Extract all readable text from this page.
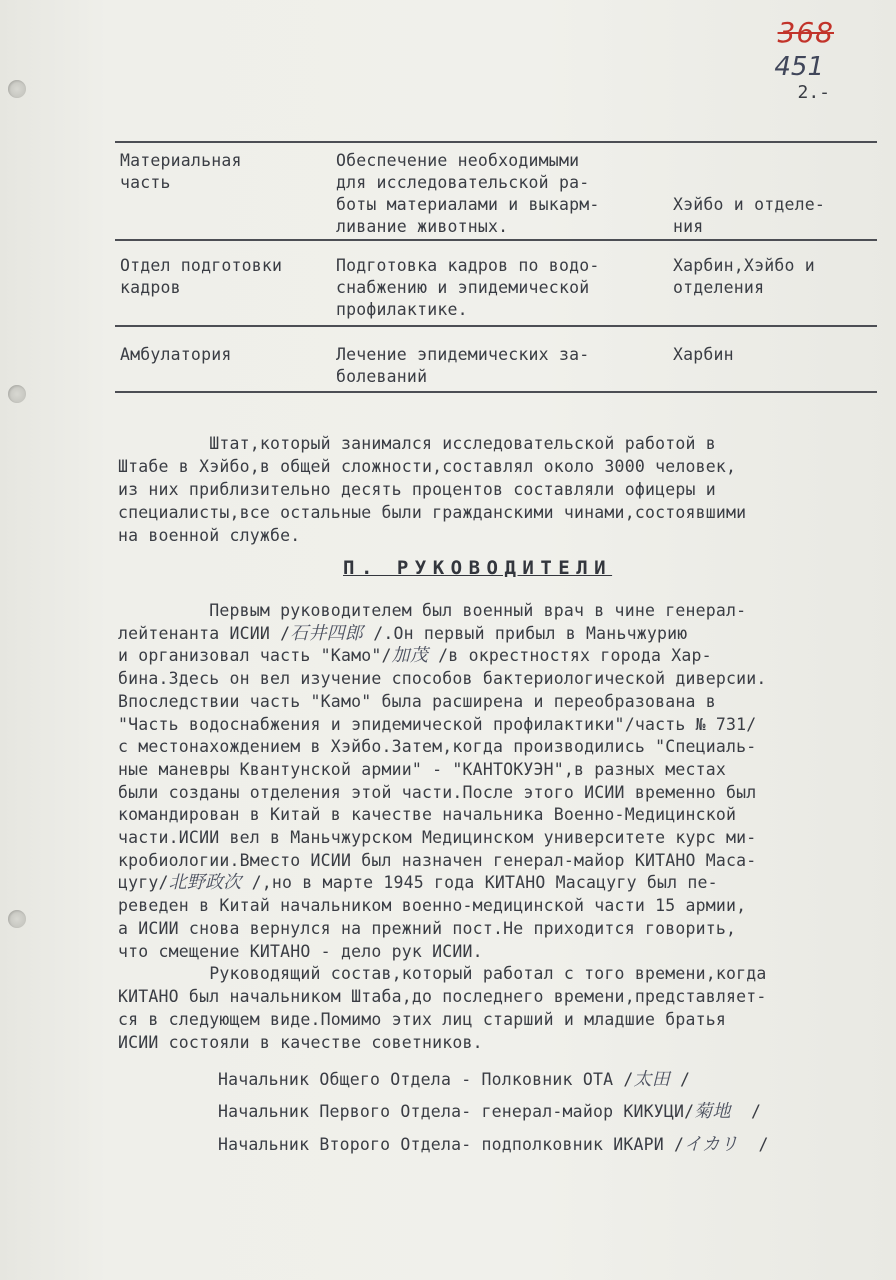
368
451
2.-
Материальная
часть
Обеспечение необходимыми
для исследовательской ра-
боты материалами и выкарм-
ливание животных.
Хэйбо и отделе-
ния
Отдел подготовки
кадров
Подготовка кадров по водо-
снабжению и эпидемической
профилактике.
Харбин,Хэйбо и
отделения
Амбулатория	Лечение эпидемических за-
болеваний
Харбин
Штат,который занимался исследовательской работой в
Штабе в Хэйбо,в общей сложности,составлял около 3000 человек,
из них приблизительно десять процентов составляли офицеры и
специалисты,все остальные были гражданскими чинами,состоявшими
на военной службе.
П. РУКОВОДИТЕЛИ
Первым руководителем был военный врач в чине генерал-
лейтенанта ИСИИ /石井四郎 /.Он первый прибыл в Маньчжурию
и организовал часть "Камо"/加茂 /в окрестностях города Хар-
бина.Здесь он вел изучение способов бактериологической диверсии.
Впоследствии часть "Камо" была расширена и переобразована в
"Часть водоснабжения и эпидемической профилактики"/часть № 731/
с местонахождением в Хэйбо.Затем,когда производились "Специаль-
ные маневры Квантунской армии" - "КАНТОКУЭН",в разных местах
были созданы отделения этой части.После этого ИСИИ временно был
командирован в Китай в качестве начальника Военно-Медицинской
части.ИСИИ вел в Маньчжурском Медицинском университете курс ми-
кробиологии.Вместо ИСИИ был назначен генерал-майор КИТАНО Масa-
цугу/北野政次 /,но в марте 1945 года КИТАНО Масацугу был пе-
реведен в Китай начальником военно-медицинской части 15 армии,
а ИСИИ снова вернулся на прежний пост.Не приходится говорить,
что смещение КИТАНО - дело рук ИСИИ.
Руководящий состав,который работал с того времени,когда
КИТАНО был начальником Штаба,до последнего времени,представляет-
ся в следующем виде.Помимо этих лиц старший и младшие братья
ИСИИ состояли в качестве советников.
Начальник Общего Отдела - Полковник ОТА /太田 /
Начальник Первого Отдела- генерал-майор КИКУЦИ/菊地  /
Начальник Второго Отдела- подполковник ИКАРИ /イカリ  /
